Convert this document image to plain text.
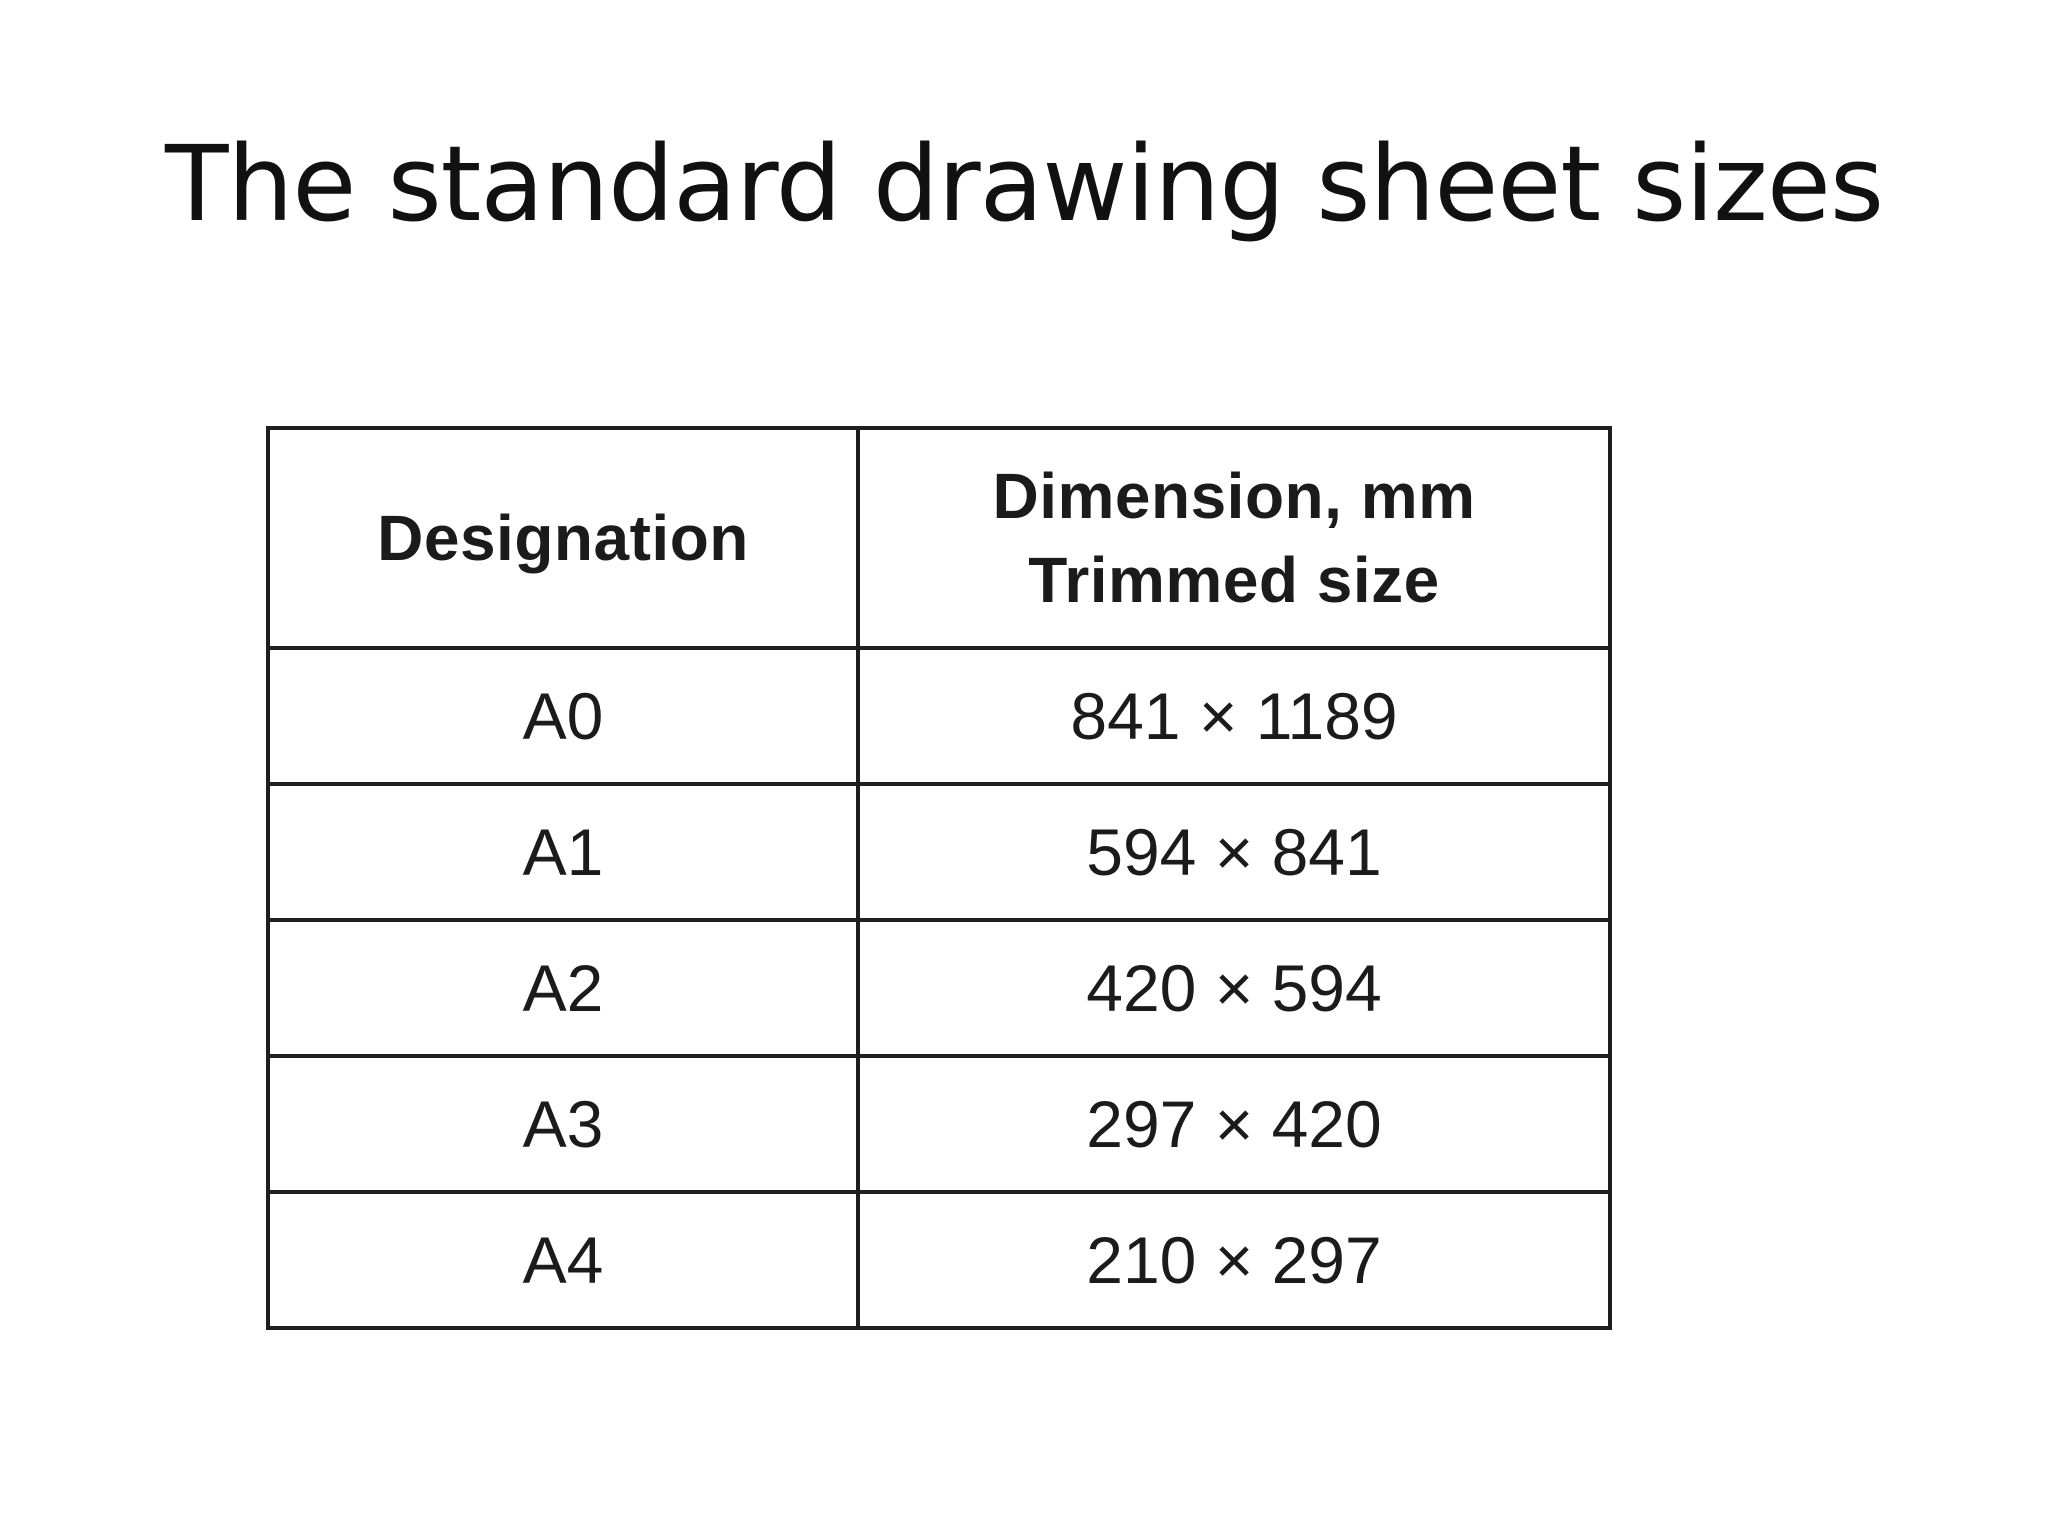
The standard drawing sheet sizes
Designation	Dimension, mm
Trimmed size

A0	841 × 1189
A1	594 × 841
A2	420 × 594
A3	297 × 420
A4	210 × 297
